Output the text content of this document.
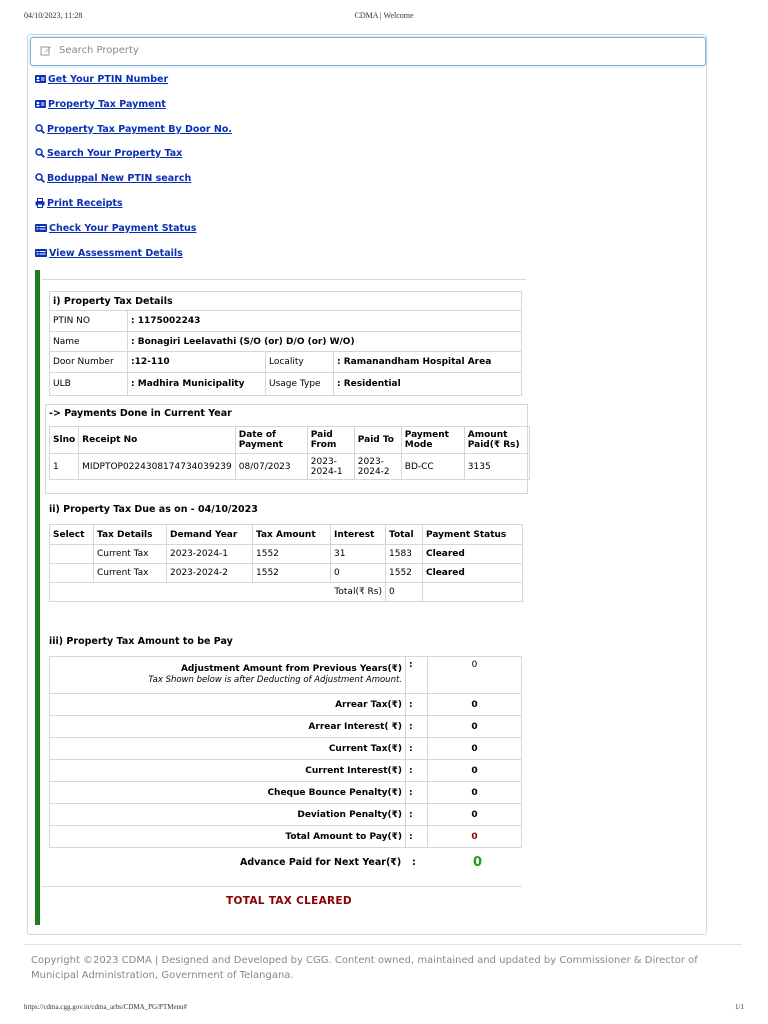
04/10/2023, 11:28	CDMA | Welcome
Search Property
Get Your PTIN Number
Property Tax Payment
Property Tax Payment By Door No.
Search Your Property Tax
Boduppal New PTIN search
Print Receipts
Check Your Payment Status
View Assessment Details
i) Property Tax Details			
PTIN NO	: 1175002243		
Name	: Bonagiri Leelavathi (S/O (or) D/O (or) W/O)		
Door Number	:12-110	Locality	: Ramanandham Hospital Area
ULB	: Madhira Municipality	Usage Type	: Residential
-> Payments Done in Current Year
Slno	Receipt No	Date of Payment	Paid From	Paid To	Payment Mode	Amount Paid(₹ Rs)
1	MIDPTOP0224308174734039239	08/07/2023	2023-2024-1	2023-2024-2	BD-CC	3135
ii) Property Tax Due as on - 04/10/2023
Select	Tax Details	Demand Year	Tax Amount	Interest	Total	Payment Status
	Current Tax	2023-2024-1	1552	31	1583	Cleared
	Current Tax	2023-2024-2	1552	0	1552	Cleared
Total(₹ Rs)					0	
iii) Property Tax Amount to be Pay
Adjustment Amount from Previous Years(₹)
Tax Shown below is after Deducting of Adjustment Amount.	:	0
Arrear Tax(₹)	:	0
Arrear Interest( ₹)	:	0
Current Tax(₹)	:	0
Current Interest(₹)	:	0
Cheque Bounce Penalty(₹)	:	0
Deviation Penalty(₹)	:	0
Total Amount to Pay(₹)	:	0
Advance Paid for Next Year(₹) :	0
TOTAL TAX CLEARED
Copyright ©2023 CDMA | Designed and Developed by CGG. Content owned, maintained and updated by Commissioner & Director of Municipal Administration, Government of Telangana.
https://cdma.cgg.gov.in/cdma_arbs/CDMA_PG/PTMenu#	1/1
